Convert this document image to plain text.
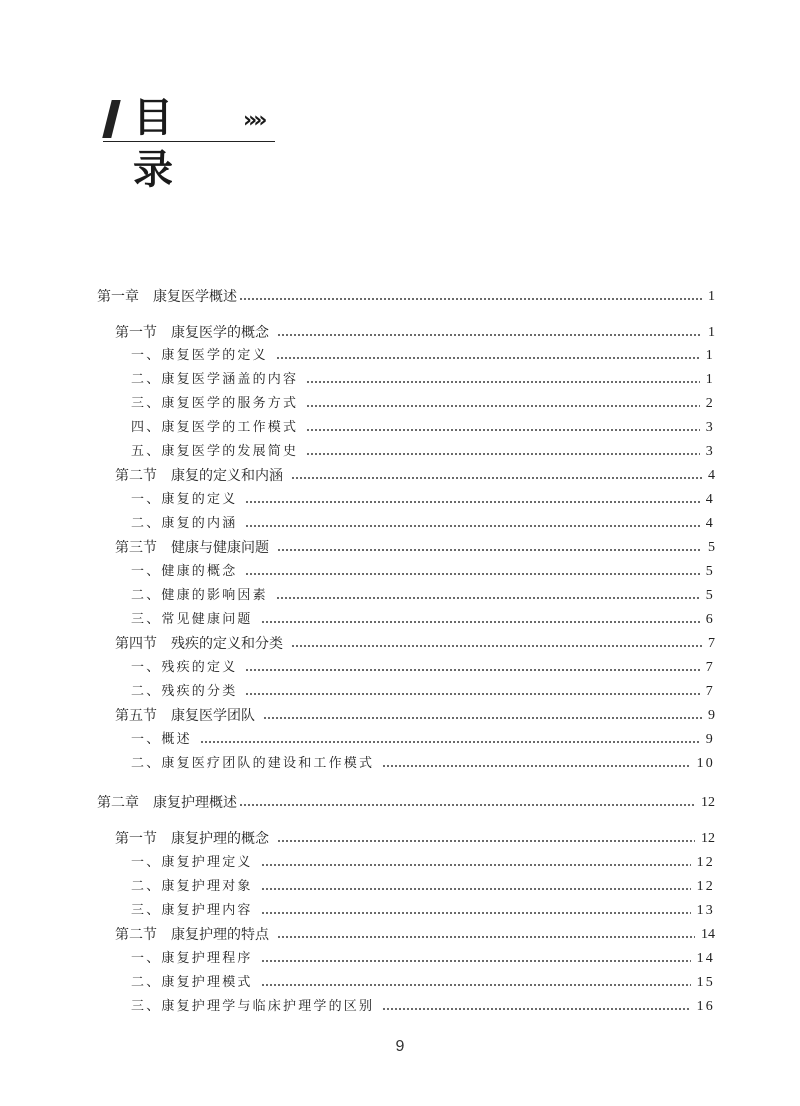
目 录
»»
第一章　康复医学概述	1
第一节　康复医学的概念	1
一、康复医学的定义	1
二、康复医学涵盖的内容	1
三、康复医学的服务方式	2
四、康复医学的工作模式	3
五、康复医学的发展简史	3
第二节　康复的定义和内涵	4
一、康复的定义	4
二、康复的内涵	4
第三节　健康与健康问题	5
一、健康的概念	5
二、健康的影响因素	5
三、常见健康问题	6
第四节　残疾的定义和分类	7
一、残疾的定义	7
二、残疾的分类	7
第五节　康复医学团队	9
一、概述	9
二、康复医疗团队的建设和工作模式	10
第二章　康复护理概述	12
第一节　康复护理的概念	12
一、康复护理定义	12
二、康复护理对象	12
三、康复护理内容	13
第二节　康复护理的特点	14
一、康复护理程序	14
二、康复护理模式	15
三、康复护理学与临床护理学的区别	16
9
